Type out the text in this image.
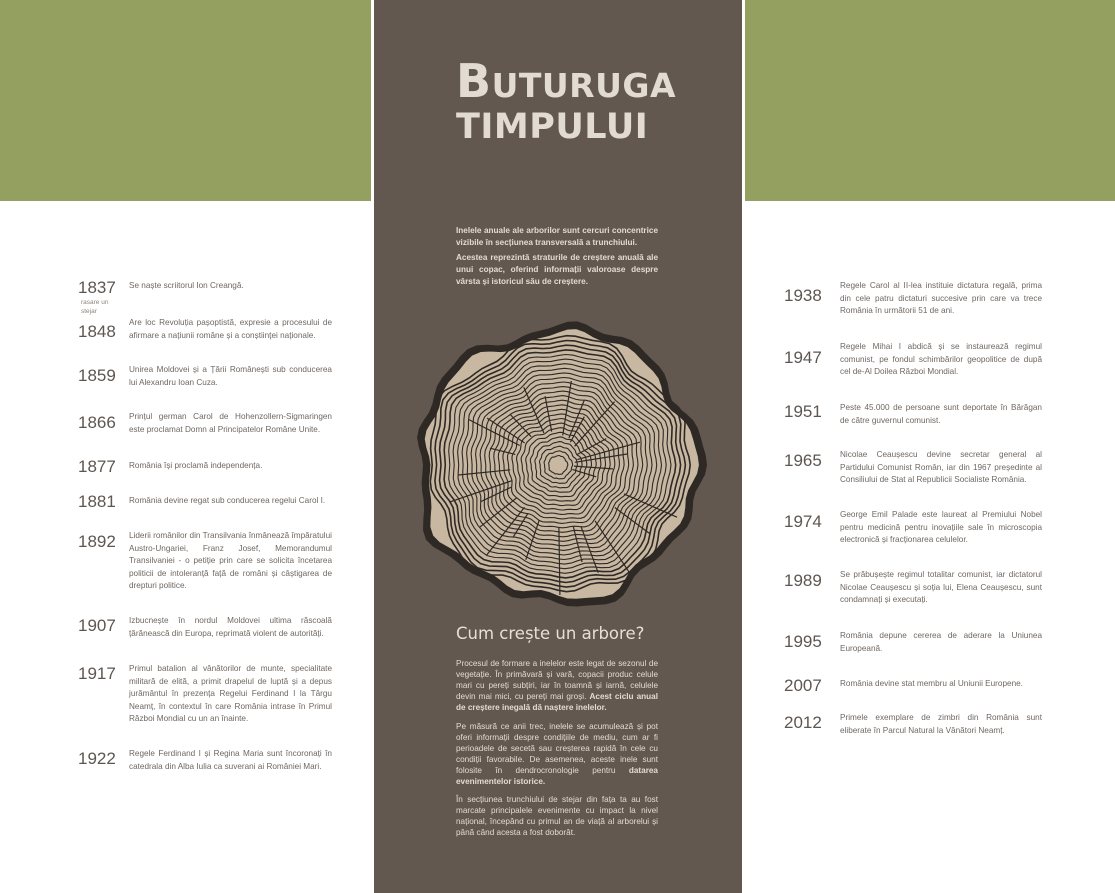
BUTURUGA
TIMPULUI

Inelele anuale ale arborilor sunt cercuri concentrice vizibile în secțiunea transversală a trunchiului.

Acestea reprezintă straturile de creștere anuală ale unui copac, oferind informații valoroase despre vârsta și istoricul său de creștere.

Cum crește un arbore?

Procesul de formare a inelelor este legat de sezonul de vegetație. În primăvară și vară, copacii produc celule mari cu pereți subțiri, iar în toamnă și iarnă, celulele devin mai mici, cu pereți mai groși. Acest ciclu anual de creștere inegală dă naștere inelelor.

Pe măsură ce anii trec, inelele se acumulează și pot oferi informații despre condițiile de mediu, cum ar fi perioadele de secetă sau creșterea rapidă în cele cu condiții favorabile. De asemenea, aceste inele sunt folosite în dendrocronologie pentru datarea evenimentelor istorice.

În secțiunea trunchiului de stejar din fața ta au fost marcate principalele evenimente cu impact la nivel național, începând cu primul an de viață al arborelui și până când acesta a fost doborât.

1837
rasare un stejar

Se naște scriitorul Ion Creangă.

1848 Are loc Revoluția pașoptistă, expresie a procesului de afirmare a națiunii române și a conștiinței naționale.

1859 Unirea Moldovei și a Țării Românești sub conducerea lui Alexandru Ioan Cuza.

1866 Prințul german Carol de Hohenzollern-Sigmaringen este proclamat Domn al Principatelor Române Unite.

1877 România își proclamă independența.

1881 România devine regat sub conducerea regelui Carol I.

1892 Liderii românilor din Transilvania înmânează împăratului Austro-Ungariei, Franz Josef, Memorandumul Transilvaniei - o petiție prin care se solicita încetarea politicii de intoleranță față de români și câștigarea de drepturi politice.

1907 Izbucnește în nordul Moldovei ultima răscoală țărănească din Europa, reprimată violent de autorități.

1917 Primul batalion al vânătorilor de munte, specialitate militară de elită, a primit drapelul de luptă și a depus jurământul în prezența Regelui Ferdinand I la Târgu Neamț, în contextul în care România intrase în Primul Război Mondial cu un an înainte.

1922 Regele Ferdinand I și Regina Maria sunt încoronați în catedrala din Alba Iulia ca suverani ai României Mari.

1938

Regele Carol al II-lea instituie dictatura regală, prima din cele patru dictaturi succesive prin care va trece România în următorii 51 de ani.

1947

Regele Mihai I abdică și se instaurează regimul comunist, pe fondul schimbărilor geopolitice de după cel de-Al Doilea Război Mondial.

1951 Peste 45.000 de persoane sunt deportate în Bărăgan de către guvernul comunist.

1965 Nicolae Ceaușescu devine secretar general al Partidului Comunist Român, iar din 1967 președinte al Consiliului de Stat al Republicii Socialiste România.

1974 George Emil Palade este laureat al Premiului Nobel pentru medicină pentru inovațiile sale în microscopia electronică și fracționarea celulelor.

1989 Se prăbușește regimul totalitar comunist, iar dictatorul Nicolae Ceaușescu și soția lui, Elena Ceaușescu, sunt condamnați și executați.

1995 România depune cererea de aderare la Uniunea Europeană.

2007 România devine stat membru al Uniunii Europene.

2012 Primele exemplare de zimbri din România sunt eliberate în Parcul Natural la Vânători Neamț.
